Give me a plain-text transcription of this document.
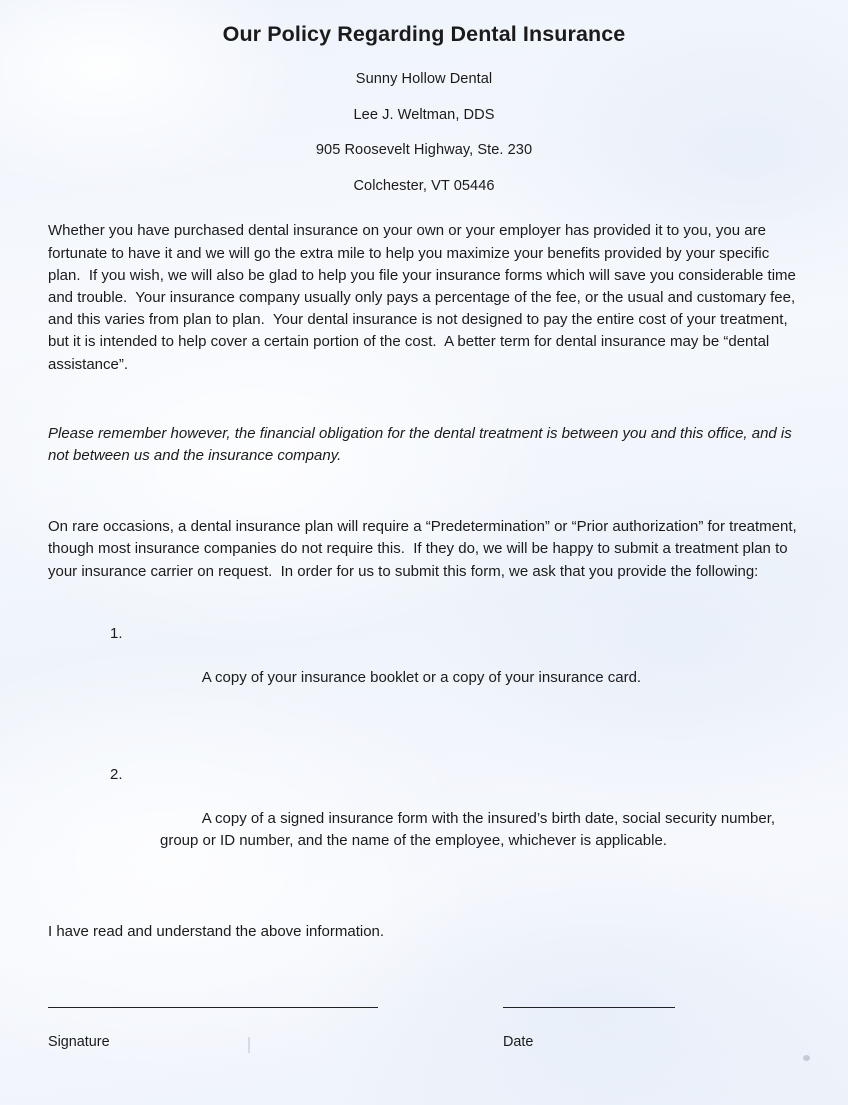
Our Policy Regarding Dental Insurance

Sunny Hollow Dental

Lee J. Weltman, DDS

905 Roosevelt Highway, Ste. 230

Colchester, VT 05446

Whether you have purchased dental insurance on your own or your employer has provided it to you, you are fortunate to have it and we will go the extra mile to help you maximize your benefits provided by your specific plan.  If you wish, we will also be glad to help you file your insurance forms which will save you considerable time and trouble.  Your insurance company usually only pays a percentage of the fee, or the usual and customary fee, and this varies from plan to plan.  Your dental insurance is not designed to pay the entire cost of your treatment, but it is intended to help cover a certain portion of the cost.  A better term for dental insurance may be “dental assistance”.

Please remember however, the financial obligation for the dental treatment is between you and this office, and is not between us and the insurance company.

On rare occasions, a dental insurance plan will require a “Predetermination” or “Prior authorization” for treatment, though most insurance companies do not require this.  If they do, we will be happy to submit a treatment plan to your insurance carrier on request.  In order for us to submit this form, we ask that you provide the following:

1.

A copy of your insurance booklet or a copy of your insurance card.

2.

A copy of a signed insurance form with the insured’s birth date, social security number, group or ID number, and the name of the employee, whichever is applicable.

I have read and understand the above information.

Signature	Date
